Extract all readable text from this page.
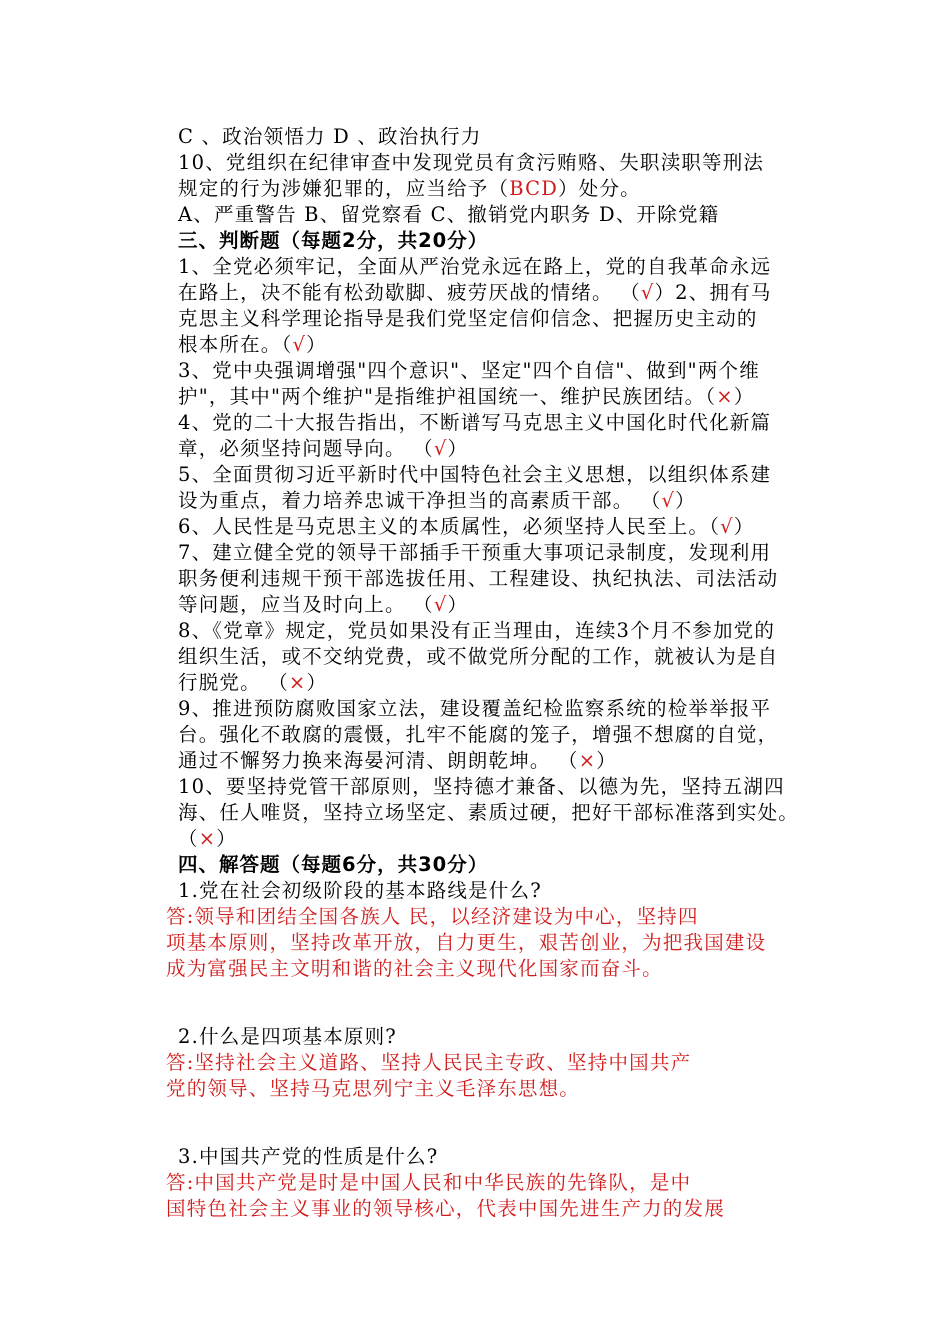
C 、政治领悟力 D 、政治执行力
10、党组织在纪律审查中发现党员有贪污贿赂、失职渎职等刑法
规定的行为涉嫌犯罪的，应当给予（BCD）处分。
A、严重警告 B、留党察看 C、撤销党内职务 D、开除党籍
三、判断题（每题2分，共20分）
1、全党必须牢记，全面从严治党永远在路上，党的自我革命永远
在路上，决不能有松劲歇脚、疲劳厌战的情绪。 （√）2、拥有马
克思主义科学理论指导是我们党坚定信仰信念、把握历史主动的
根本所在。（√）
3、党中央强调增强"四个意识"、坚定"四个自信"、做到"两个维
护"，其中"两个维护"是指维护祖国统一、维护民族团结。（×）
4、党的二十大报告指出，不断谱写马克思主义中国化时代化新篇
章，必须坚持问题导向。 （√）
5、全面贯彻习近平新时代中国特色社会主义思想，以组织体系建
设为重点，着力培养忠诚干净担当的高素质干部。 （√）
6、人民性是马克思主义的本质属性，必须坚持人民至上。（√）
7、建立健全党的领导干部插手干预重大事项记录制度，发现利用
职务便利违规干预干部选拔任用、工程建设、执纪执法、司法活动
等问题，应当及时向上。 （√）
8、《党章》规定，党员如果没有正当理由，连续3个月不参加党的
组织生活，或不交纳党费，或不做党所分配的工作，就被认为是自
行脱党。 （×）
9、推进预防腐败国家立法，建设覆盖纪检监察系统的检举举报平
台。强化不敢腐的震慑，扎牢不能腐的笼子，增强不想腐的自觉，
通过不懈努力换来海晏河清、朗朗乾坤。 （×）
10、要坚持党管干部原则，坚持德才兼备、以德为先，坚持五湖四
海、任人唯贤，坚持立场坚定、素质过硬，把好干部标准落到实处。
（×）
四、解答题（每题6分，共30分）
1.党在社会初级阶段的基本路线是什么?
答:领导和团结全国各族人 民，以经济建设为中心，坚持四
项基本原则，坚持改革开放，自力更生，艰苦创业，为把我国建设
成为富强民主文明和谐的社会主义现代化国家而奋斗。
2.什么是四项基本原则?
答:坚持社会主义道路、坚持人民民主专政、坚持中国共产
党的领导、坚持马克思列宁主义毛泽东思想。
3.中国共产党的性质是什么?
答:中国共产党是时是中国人民和中华民族的先锋队，是中
国特色社会主义事业的领导核心，代表中国先进生产力的发展
